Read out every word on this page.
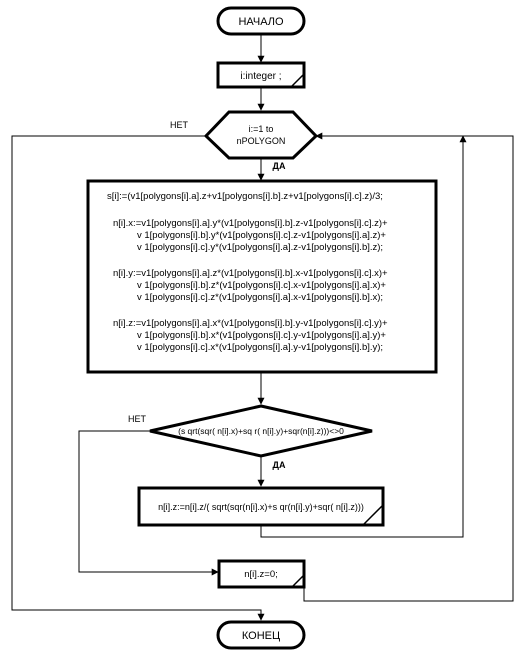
НАЧАЛО
i:integer ;
i:=1 to
nPOLYGON
НЕТ
ДА
s[i]:=(v1[polygons[i].a].z+v1[polygons[i].b].z+v1[polygons[i].c].z)/3;
n[i].x:=v1[polygons[i].a].y*(v1[polygons[i].b].z-v1[polygons[i].c].z)+
v 1[polygons[i].b].y*(v1[polygons[i].c].z-v1[polygons[i].a].z)+
v 1[polygons[i].c].y*(v1[polygons[i].a].z-v1[polygons[i].b].z);
n[i].y:=v1[polygons[i].a].z*(v1[polygons[i].b].x-v1[polygons[i].c].x)+
v 1[polygons[i].b].z*(v1[polygons[i].c].x-v1[polygons[i].a].x)+
v 1[polygons[i].c].z*(v1[polygons[i].a].x-v1[polygons[i].b].x);
n[i].z:=v1[polygons[i].a].x*(v1[polygons[i].b].y-v1[polygons[i].c].y)+
v 1[polygons[i].b].x*(v1[polygons[i].c].y-v1[polygons[i].a].y)+
v 1[polygons[i].c].x*(v1[polygons[i].a].y-v1[polygons[i].b].y);
(s qrt(sqr( n[i].x)+sq r( n[i].y)+sqr(n[i].z)))<>0
НЕТ
ДА
n[i].z:=n[i].z/( sqrt(sqr(n[i].x)+s qr(n[i].y)+sqr( n[i].z)))
n[i].z=0;
КОНЕЦ
